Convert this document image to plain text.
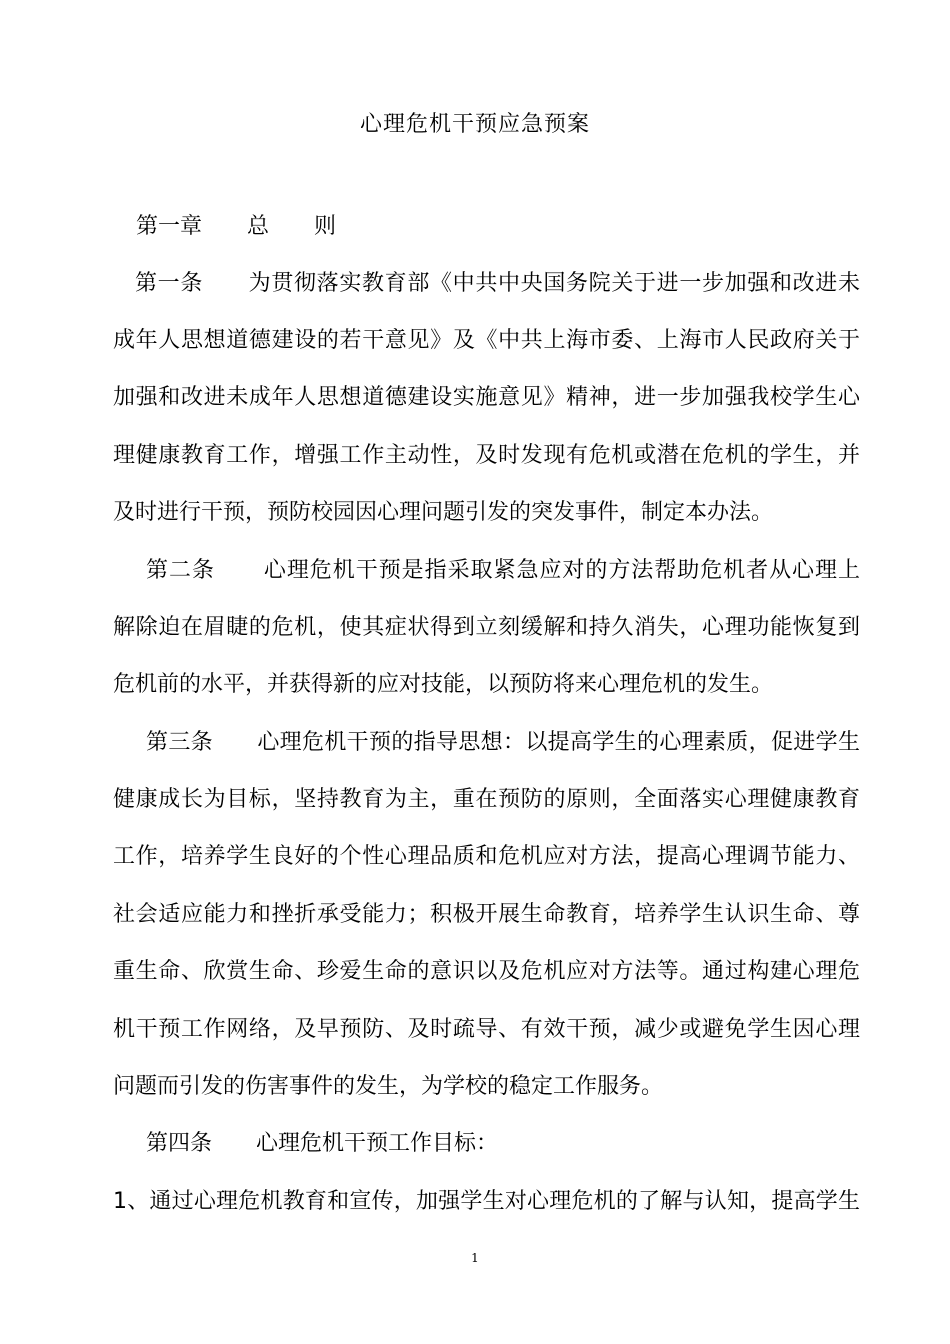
心理危机干预应急预案
第一章 总 则
第一条 为贯彻落实教育部《中共中央国务院关于进一步加强和改进未
成年人思想道德建设的若干意见》及《中共上海市委、上海市人民政府关于
加强和改进未成年人思想道德建设实施意见》精神，进一步加强我校学生心
理健康教育工作，增强工作主动性，及时发现有危机或潜在危机的学生，并
及时进行干预，预防校园因心理问题引发的突发事件，制定本办法。
第二条 心理危机干预是指采取紧急应对的方法帮助危机者从心理上
解除迫在眉睫的危机，使其症状得到立刻缓解和持久消失，心理功能恢复到
危机前的水平，并获得新的应对技能，以预防将来心理危机的发生。
第三条 心理危机干预的指导思想：以提高学生的心理素质，促进学生
健康成长为目标，坚持教育为主，重在预防的原则，全面落实心理健康教育
工作，培养学生良好的个性心理品质和危机应对方法，提高心理调节能力、
社会适应能力和挫折承受能力；积极开展生命教育，培养学生认识生命、尊
重生命、欣赏生命、珍爱生命的意识以及危机应对方法等。通过构建心理危
机干预工作网络，及早预防、及时疏导、有效干预，减少或避免学生因心理
问题而引发的伤害事件的发生，为学校的稳定工作服务。
第四条 心理危机干预工作目标：
1、通过心理危机教育和宣传，加强学生对心理危机的了解与认知，提高学生
1
